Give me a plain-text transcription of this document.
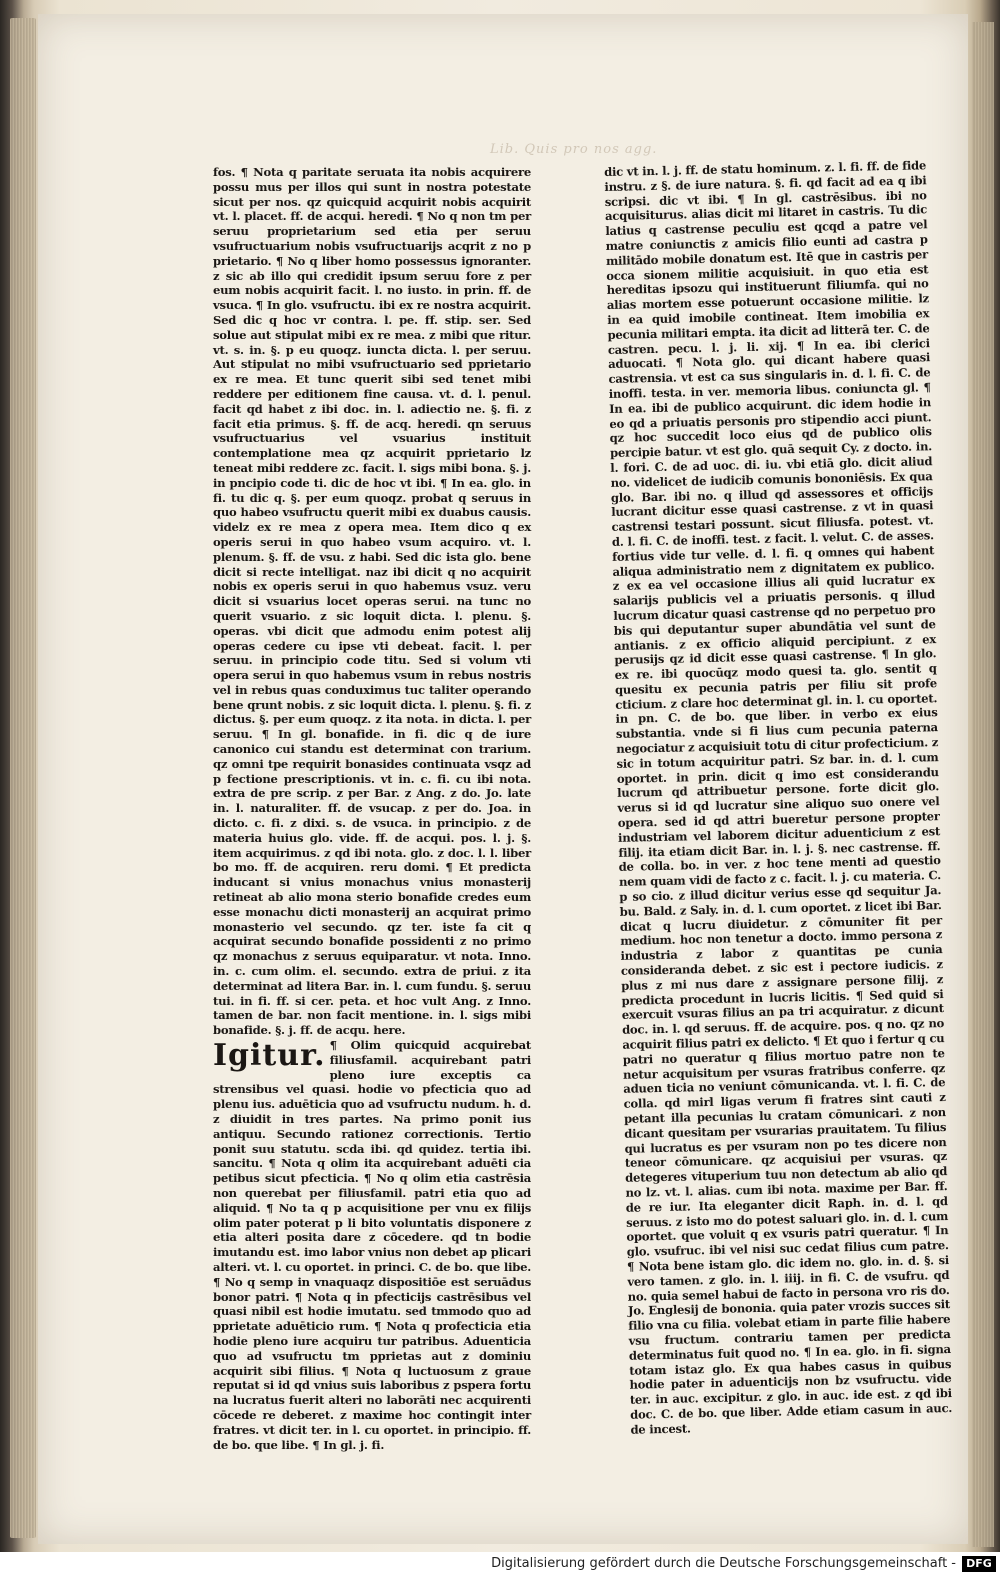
Lib. Quis pro nos agg.

fos. ¶ Nota q paritate seruata ita nobis acquirere possu mus per illos qui sunt in nostra potestate sicut per nos. qz quicquid acquirit nobis acquirit vt. l. placet. ff. de acqui. heredi. ¶ No q non tm per seruu proprietarium sed etia per seruu vsufructuarium nobis vsufructuarijs acqrit z no p prietario. ¶ No q liber homo possessus ignoranter. z sic ab illo qui credidit ipsum seruu fore z per eum nobis acquirit facit. l. no iusto. in prin. ff. de vsuca. ¶ In glo. vsufructu. ibi ex re nostra acquirit. Sed dic q hoc vr contra. l. pe. ff. stip. ser. Sed solue aut stipulat mibi ex re mea. z mibi que ritur. vt. s. in. §. p eu quoqz. iuncta dicta. l. per seruu. Aut stipulat no mibi vsufructuario sed pprietario ex re mea. Et tunc querit sibi sed tenet mibi reddere per editionem fine causa. vt. d. l. penul. facit qd habet z ibi doc. in. l. adiectio ne. §. fi. z facit etia primus. §. ff. de acq. heredi. qn seruus vsufructuarius vel vsuarius instituit contemplatione mea qz acquirit pprietario lz teneat mibi reddere zc. facit. l. sigs mibi bona. §. j. in pncipio code ti. dic de hoc vt ibi. ¶ In ea. glo. in fi. tu dic q. §. per eum quoqz. probat q seruus in quo habeo vsufructu querit mibi ex duabus causis. videlz ex re mea z opera mea. Item dico q ex operis serui in quo habeo vsum acquiro. vt. l. plenum. §. ff. de vsu. z habi. Sed dic ista glo. bene dicit si recte intelligat. naz ibi dicit q no acquirit nobis ex operis serui in quo habemus vsuz. veru dicit si vsuarius locet operas serui. na tunc no querit vsuario. z sic loquit dicta. l. plenu. §. operas. vbi dicit que admodu enim potest alij operas cedere cu ipse vti debeat. facit. l. per seruu. in principio code titu. Sed si volum vti opera serui in quo habemus vsum in rebus nostris vel in rebus quas conduximus tuc taliter operando bene qrunt nobis. z sic loquit dicta. l. plenu. §. fi. z dictus. §. per eum quoqz. z ita nota. in dicta. l. per seruu. ¶ In gl. bonafide. in fi. dic q de iure canonico cui standu est determinat con trarium. qz omni tpe requirit bonasides continuata vsqz ad p fectione prescriptionis. vt in. c. fi. cu ibi nota. extra de pre scrip. z per Bar. z Ang. z do. Jo. late in. l. naturaliter. ff. de vsucap. z per do. Joa. in dicto. c. fi. z dixi. s. de vsuca. in principio. z de materia huius glo. vide. ff. de acqui. pos. l. j. §. item acquirimus. z qd ibi nota. glo. z doc. l. l. liber bo mo. ff. de acquiren. reru domi. ¶ Et predicta inducant si vnius monachus vnius monasterij retineat ab alio mona sterio bonafide credes eum esse monachu dicti monasterij an acquirat primo monasterio vel secundo. qz ter. iste fa cit q acquirat secundo bonafide possidenti z no primo qz monachus z seruus equiparatur. vt nota. Inno. in. c. cum olim. el. secundo. extra de priui. z ita determinat ad litera Bar. in. l. cum fundu. §. seruu tui. in fi. ff. si cer. peta. et hoc vult Ang. z Inno. tamen de bar. non facit mentione. in. l. sigs mibi bonafide. §. j. ff. de acqu. here.

Igitur. ¶ Olim quicquid acquirebat filiusfamil. acquirebant patri pleno iure exceptis ca strensibus vel quasi. hodie vo pfecticia quo ad plenu ius. aduēticia quo ad vsufructu nudum. h. d. z diuidit in tres partes. Na primo ponit ius antiquu. Secundo rationez correctionis. Tertio ponit suu statutu. scda ibi. qd quidez. tertia ibi. sancitu. ¶ Nota q olim ita acquirebant aduēti cia petibus sicut pfecticia. ¶ No q olim etia castrēsia non querebat per filiusfamil. patri etia quo ad aliquid. ¶ No ta q p acquisitione per vnu ex filijs olim pater poterat p li bito voluntatis disponere z etia alteri posita dare z cōcedere. qd tn bodie imutandu est. imo labor vnius non debet ap plicari alteri. vt. l. cu oportet. in princi. C. de bo. que libe. ¶ No q semp in vnaquaqz dispositiōe est seruādus bonor patri. ¶ Nota q in pfecticijs castrēsibus vel quasi nibil est hodie imutatu. sed tmmodo quo ad pprietate aduēticio rum. ¶ Nota q profecticia etia hodie pleno iure acquiru tur patribus. Aduenticia quo ad vsufructu tm pprietas aut z dominiu acquirit sibi filius. ¶ Nota q luctuosum z graue reputat si id qd vnius suis laboribus z pspera fortu na lucratus fuerit alteri no laborāti nec acquirenti cōcede re deberet. z maxime hoc contingit inter fratres. vt dicit ter. in l. cu oportet. in principio. ff. de bo. que libe. ¶ In gl. j. fi.

dic vt in. l. j. ff. de statu hominum. z. l. fi. ff. de fide instru. z §. de iure natura. §. fi. qd facit ad ea q ibi scripsi. dic vt ibi. ¶ In gl. castrēsibus. ibi no acquisiturus. alias dicit mi litaret in castris. Tu dic latius q castrense peculiu est qcqd a patre vel matre coniunctis z amicis filio eunti ad castra p militādo mobile donatum est. Itē que in castris per occa sionem militie acquisiuit. in quo etia est hereditas ipsozu qui instituerunt filiumfa. qui no alias mortem esse potuerunt occasione militie. lz in ea quid imobile contineat. Item imobilia ex pecunia militari empta. ita dicit ad litterā ter. C. de castren. pecu. l. j. li. xij. ¶ In ea. ibi clerici aduocati. ¶ Nota glo. qui dicant habere quasi castrensia. vt est ca sus singularis in. d. l. fi. C. de inoffi. testa. in ver. memoria libus. coniuncta gl. ¶ In ea. ibi de publico acquirunt. dic idem hodie in eo qd a priuatis personis pro stipendio acci piunt. qz hoc succedit loco eius qd de publico olis percipie batur. vt est glo. quā sequit Cy. z docto. in. l. fori. C. de ad uoc. di. iu. vbi etiā glo. dicit aliud no. videlicet de iudicib comunis bononiēsis. Ex qua glo. Bar. ibi no. q illud qd assessores et officijs lucrant dicitur esse quasi castrense. z vt in quasi castrensi testari possunt. sicut filiusfa. potest. vt. d. l. fi. C. de inoffi. test. z facit. l. velut. C. de asses. fortius vide tur velle. d. l. fi. q omnes qui habent aliqua administratio nem z dignitatem ex publico. z ex ea vel occasione illius ali quid lucratur ex salarijs publicis vel a priuatis personis. q illud lucrum dicatur quasi castrense qd no perpetuo pro bis qui deputantur super abundātia vel sunt de antianis. z ex officio aliquid percipiunt. z ex perusijs qz id dicit esse quasi castrense. ¶ In glo. ex re. ibi quocūqz modo quesi ta. glo. sentit q quesitu ex pecunia patris per filiu sit profe cticium. z clare hoc determinat gl. in. l. cu oportet. in pn. C. de bo. que liber. in verbo ex eius substantia. vnde si fi lius cum pecunia paterna negociatur z acquisiuit totu di citur profecticium. z sic in totum acquiritur patri. Sz bar. in. d. l. cum oportet. in prin. dicit q imo est considerandu lucrum qd attribuetur persone. forte dicit glo. verus si id qd lucratur sine aliquo suo onere vel opera. sed id qd attri bueretur persone propter industriam vel laborem dicitur aduenticium z est filij. ita etiam dicit Bar. in. l. j. §. nec castrense. ff. de colla. bo. in ver. z hoc tene menti ad questio nem quam vidi de facto z c. facit. l. j. cu materia. C. p so cio. z illud dicitur verius esse qd sequitur Ja. bu. Bald. z Saly. in. d. l. cum oportet. z licet ibi Bar. dicat q lucru diuidetur. z cōmuniter fit per medium. hoc non tenetur a docto. immo persona z industria z labor z quantitas pe cunia consideranda debet. z sic est i pectore iudicis. z plus z mi nus dare z assignare persone filij. z predicta procedunt in lucris licitis. ¶ Sed quid si exercuit vsuras filius an pa tri acquiratur. z dicunt doc. in. l. qd seruus. ff. de acquire. pos. q no. qz no acquirit filius patri ex delicto. ¶ Et quo i fertur q cu patri no queratur q filius mortuo patre non te netur acquisitum per vsuras fratribus conferre. qz aduen ticia no veniunt cōmunicanda. vt. l. fi. C. de colla. qd mirl ligas verum fi fratres sint cauti z petant illa pecunias lu cratam cōmunicari. z non dicant quesitam per vsurarias prauitatem. Tu filius qui lucratus es per vsuram non po tes dicere non teneor cōmunicare. qz acquisiui per vsuras. qz detegeres vituperium tuu non detectum ab alio qd no lz. vt. l. alias. cum ibi nota. maxime per Bar. ff. de re iur. Ita eleganter dicit Raph. in. d. l. qd seruus. z isto mo do potest saluari glo. in. d. l. cum oportet. que voluit q ex vsuris patri queratur. ¶ In glo. vsufruc. ibi vel nisi suc cedat filius cum patre. ¶ Nota bene istam glo. dic idem no. glo. in. d. §. si vero tamen. z glo. in. l. iiij. in fi. C. de vsufru. qd no. quia semel habui de facto in persona vro ris do. Jo. Englesij de bononia. quia pater vrozis succes sit filio vna cu filia. volebat etiam in parte filie habere vsu fructum. contrariu tamen per predicta determinatus fuit quod no. ¶ In ea. glo. in fi. signa totam istaz glo. Ex qua habes casus in quibus hodie pater in aduenticijs non bz vsufructu. vide ter. in auc. excipitur. z glo. in auc. ide est. z qd ibi doc. C. de bo. que liber. Adde etiam casum in auc. de incest.

Digitalisierung gefördert durch die Deutsche Forschungsgemeinschaft - DFG
